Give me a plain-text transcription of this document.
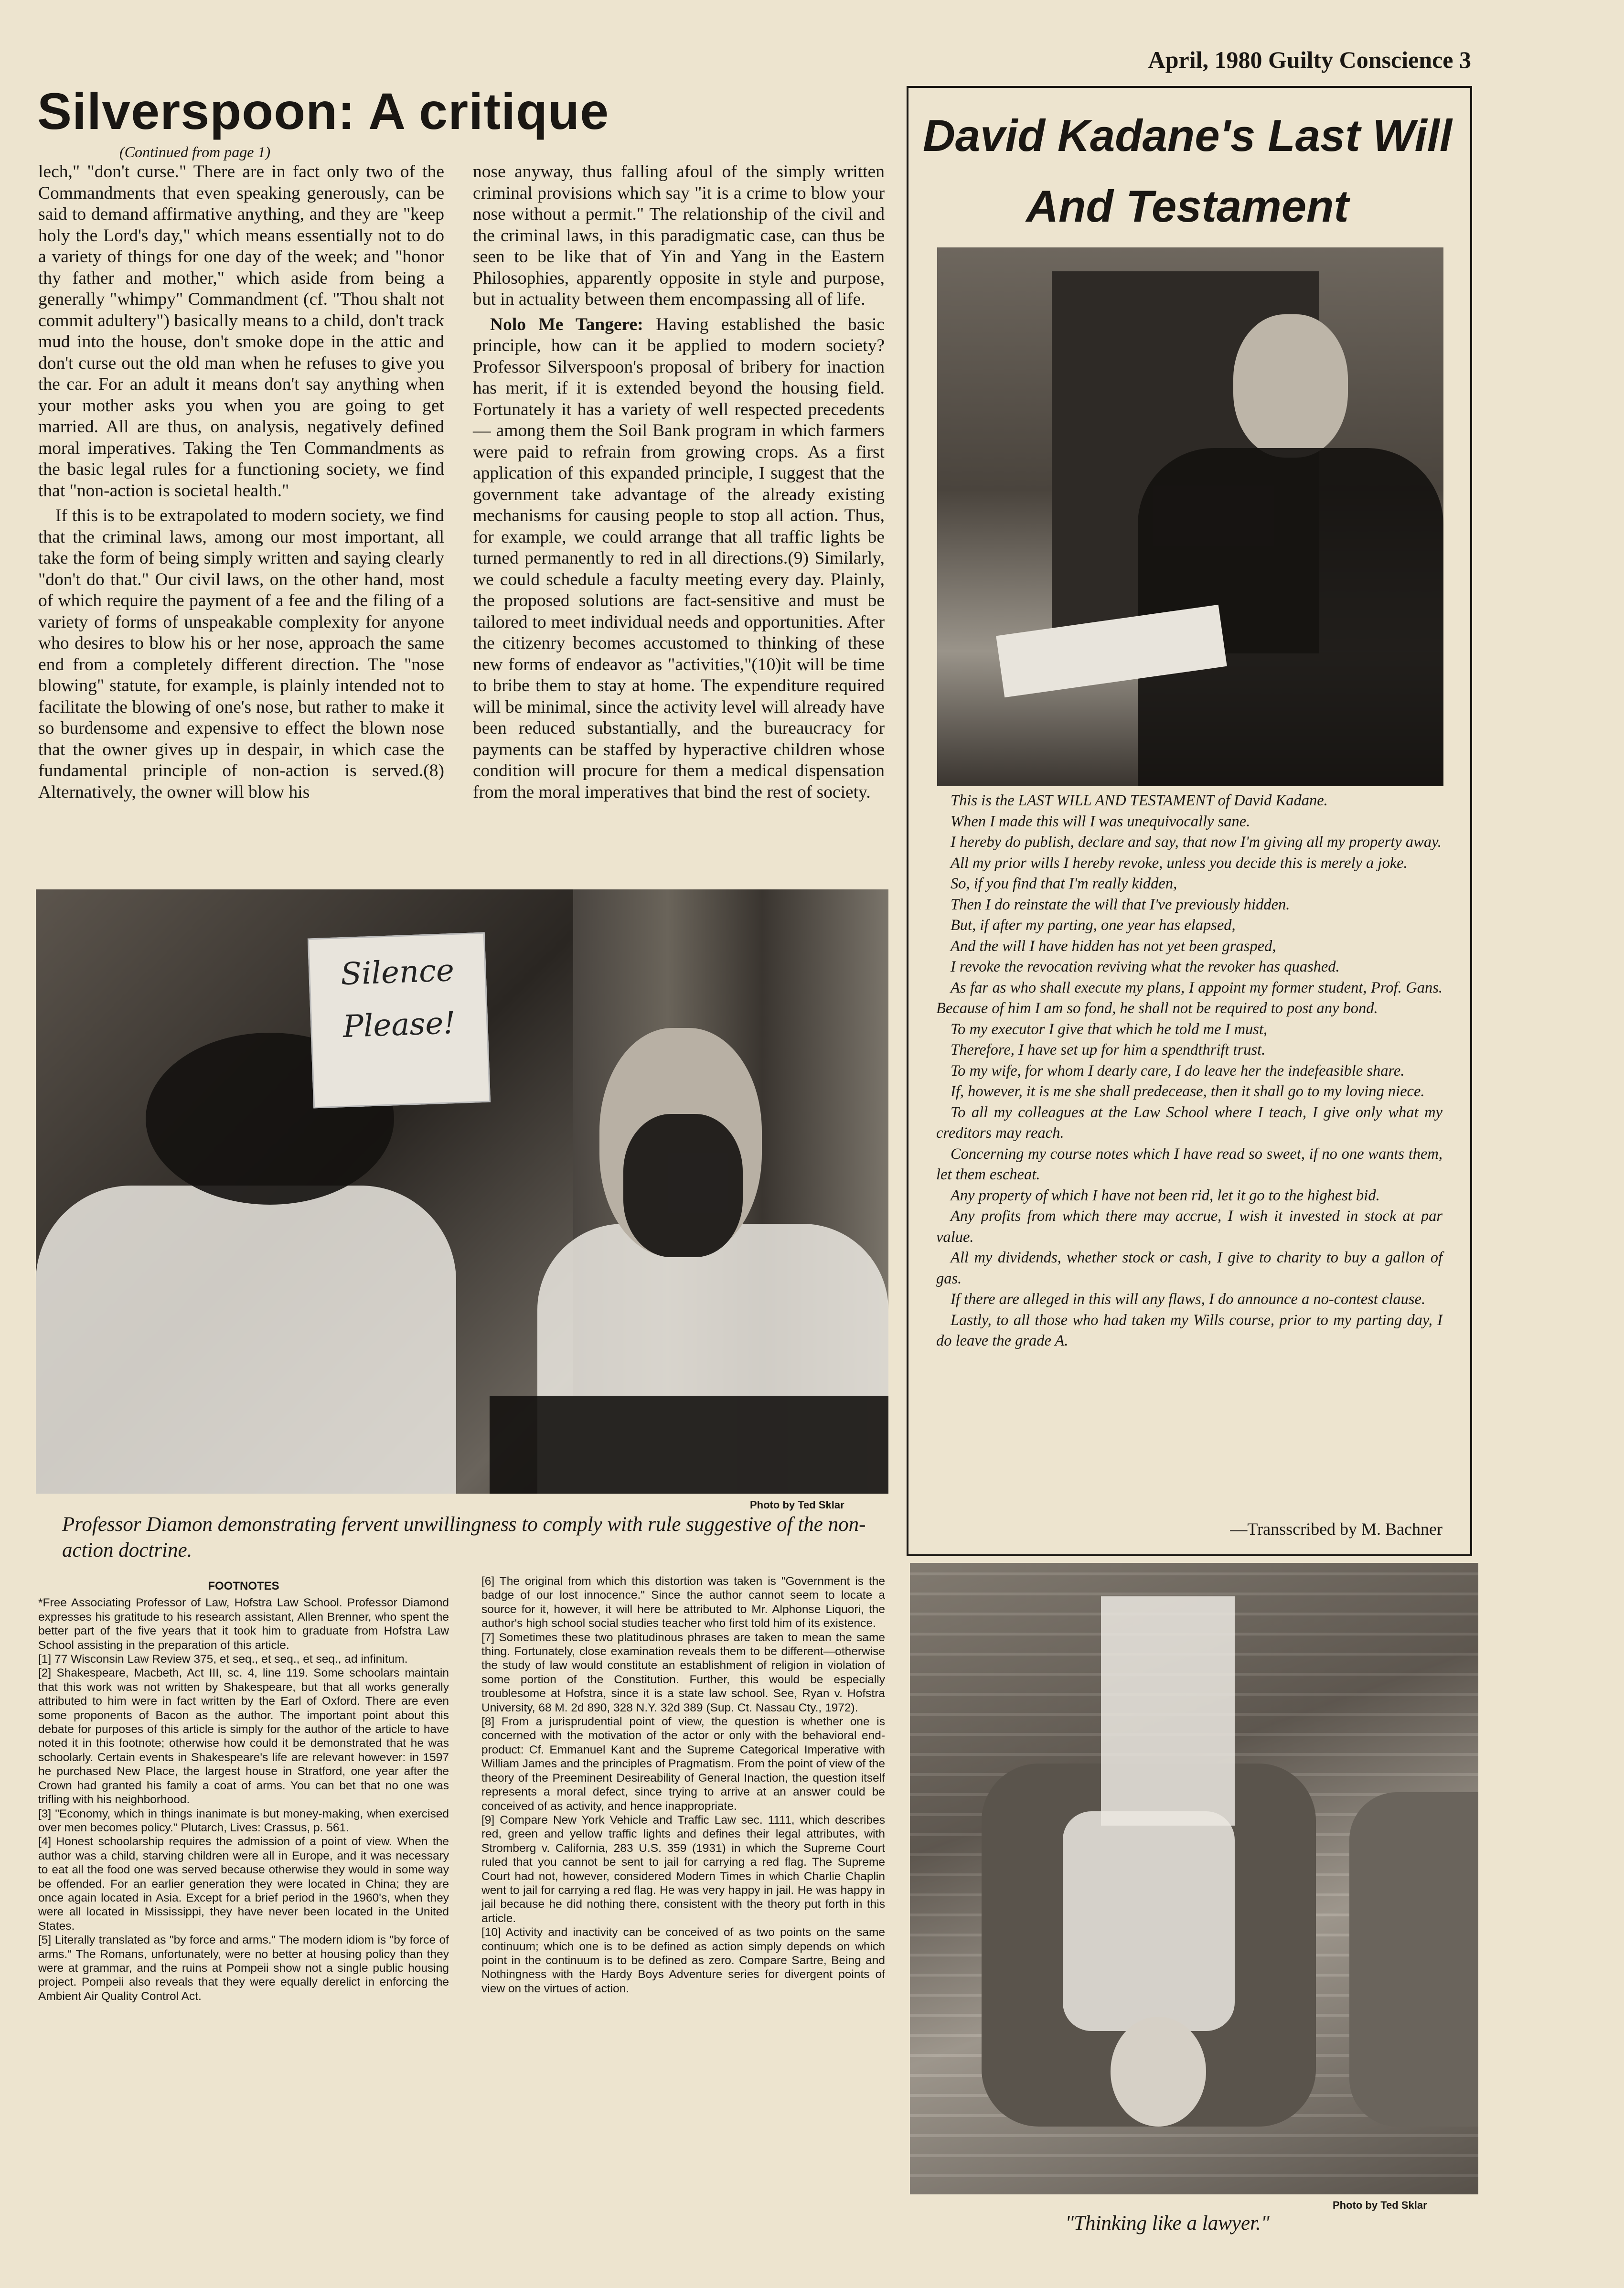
April, 1980 Guilty Conscience 3
Silverspoon: A critique
(Continued from page 1)

lech," "don't curse." There are in fact only two of the Commandments that even speaking generously, can be said to demand affirmative anything, and they are "keep holy the Lord's day," which means essentially not to do a variety of things for one day of the week; and "honor thy father and mother," which aside from being a generally "whimpy" Commandment (cf. "Thou shalt not commit adultery") basically means to a child, don't track mud into the house, don't smoke dope in the attic and don't curse out the old man when he refuses to give you the car. For an adult it means don't say anything when your mother asks you when you are going to get married. All are thus, on analysis, negatively defined moral imperatives. Taking the Ten Commandments as the basic legal rules for a functioning society, we find that "non-action is societal health."

If this is to be extrapolated to modern society, we find that the criminal laws, among our most important, all take the form of being simply written and saying clearly "don't do that." Our civil laws, on the other hand, most of which require the payment of a fee and the filing of a variety of forms of unspeakable complexity for anyone who desires to blow his or her nose, approach the same end from a completely different direction. The "nose blowing" statute, for example, is plainly intended not to facilitate the blowing of one's nose, but rather to make it so burdensome and expensive to effect the blown nose that the owner gives up in despair, in which case the fundamental principle of non-action is served.(8) Alternatively, the owner will blow his

nose anyway, thus falling afoul of the simply written criminal provisions which say "it is a crime to blow your nose without a permit." The relationship of the civil and the criminal laws, in this paradigmatic case, can thus be seen to be like that of Yin and Yang in the Eastern Philosophies, apparently opposite in style and purpose, but in actuality between them encompassing all of life.

Nolo Me Tangere: Having established the basic principle, how can it be applied to modern society? Professor Silverspoon's proposal of bribery for inaction has merit, if it is extended beyond the housing field. Fortunately it has a variety of well respected precedents — among them the Soil Bank program in which farmers were paid to refrain from growing crops. As a first application of this expanded principle, I suggest that the government take advantage of the already existing mechanisms for causing people to stop all action. Thus, for example, we could arrange that all traffic lights be turned permanently to red in all directions.(9) Similarly, we could schedule a faculty meeting every day. Plainly, the proposed solutions are fact-sensitive and must be tailored to meet individual needs and opportunities. After the citizenry becomes accustomed to thinking of these new forms of endeavor as "activities,"(10)it will be time to bribe them to stay at home. The expenditure required will be minimal, since the activity level will already have been reduced substantially, and the bureaucracy for payments can be staffed by hyperactive children whose condition will procure for them a medical dispensation from the moral imperatives that bind the rest of society.

Silence
Please!
Photo by Ted Sklar
Professor Diamon demonstrating fervent unwillingness to comply with rule suggestive of the non-action doctrine.
David Kadane's Last Will
And Testament

This is the LAST WILL AND TESTAMENT of David Kadane.

When I made this will I was unequivocally sane.

I hereby do publish, declare and say, that now I'm giving all my property away.

All my prior wills I hereby revoke, unless you decide this is merely a joke.

So, if you find that I'm really kidden,

Then I do reinstate the will that I've previously hidden.

But, if after my parting, one year has elapsed,

And the will I have hidden has not yet been grasped,

I revoke the revocation reviving what the revoker has quashed.

As far as who shall execute my plans, I appoint my former student, Prof. Gans. Because of him I am so fond, he shall not be required to post any bond.

To my executor I give that which he told me I must,

Therefore, I have set up for him a spendthrift trust.

To my wife, for whom I dearly care, I do leave her the indefeasible share.

If, however, it is me she shall predecease, then it shall go to my loving niece.

To all my colleagues at the Law School where I teach, I give only what my creditors may reach.

Concerning my course notes which I have read so sweet, if no one wants them, let them escheat.

Any property of which I have not been rid, let it go to the highest bid.

Any profits from which there may accrue, I wish it invested in stock at par value.

All my dividends, whether stock or cash, I give to charity to buy a gallon of gas.

If there are alleged in this will any flaws, I do announce a no-contest clause.

Lastly, to all those who had taken my Wills course, prior to my parting day, I do leave the grade A.

—Transscribed by M. Bachner
"Thinking like a lawyer."
Photo by Ted Sklar

FOOTNOTES

*Free Associating Professor of Law, Hofstra Law School. Professor Diamond expresses his gratitude to his research assistant, Allen Brenner, who spent the better part of the five years that it took him to graduate from Hofstra Law School assisting in the preparation of this article.

[1] 77 Wisconsin Law Review 375, et seq., et seq., et seq., ad infinitum.

[2] Shakespeare, Macbeth, Act III, sc. 4, line 119. Some schoolars maintain that this work was not written by Shakespeare, but that all works generally attributed to him were in fact written by the Earl of Oxford. There are even some proponents of Bacon as the author. The important point about this debate for purposes of this article is simply for the author of the article to have noted it in this footnote; otherwise how could it be demonstrated that he was schoolarly. Certain events in Shakespeare's life are relevant however: in 1597 he purchased New Place, the largest house in Stratford, one year after the Crown had granted his family a coat of arms. You can bet that no one was trifling with his neighborhood.

[3] "Economy, which in things inanimate is but money-making, when exercised over men becomes policy." Plutarch, Lives: Crassus, p. 561.

[4] Honest schoolarship requires the admission of a point of view. When the author was a child, starving children were all in Europe, and it was necessary to eat all the food one was served because otherwise they would in some way be offended. For an earlier generation they were located in China; they are once again located in Asia. Except for a brief period in the 1960's, when they were all located in Mississippi, they have never been located in the United States.

[5] Literally translated as "by force and arms." The modern idiom is "by force of arms." The Romans, unfortunately, were no better at housing policy than they were at grammar, and the ruins at Pompeii show not a single public housing project. Pompeii also reveals that they were equally derelict in enforcing the Ambient Air Quality Control Act.

[6] The original from which this distortion was taken is "Government is the badge of our lost innocence." Since the author cannot seem to locate a source for it, however, it will here be attributed to Mr. Alphonse Liquori, the author's high school social studies teacher who first told him of its existence.

[7] Sometimes these two platitudinous phrases are taken to mean the same thing. Fortunately, close examination reveals them to be different—otherwise the study of law would constitute an establishment of religion in violation of some portion of the Constitution. Further, this would be especially troublesome at Hofstra, since it is a state law school. See, Ryan v. Hofstra University, 68 M. 2d 890, 328 N.Y. 32d 389 (Sup. Ct. Nassau Cty., 1972).

[8] From a jurisprudential point of view, the question is whether one is concerned with the motivation of the actor or only with the behavioral end-product: Cf. Emmanuel Kant and the Supreme Categorical Imperative with William James and the principles of Pragmatism. From the point of view of the theory of the Preeminent Desireability of General Inaction, the question itself represents a moral defect, since trying to arrive at an answer could be conceived of as activity, and hence inappropriate.

[9] Compare New York Vehicle and Traffic Law sec. 1111, which describes red, green and yellow traffic lights and defines their legal attributes, with Stromberg v. California, 283 U.S. 359 (1931) in which the Supreme Court ruled that you cannot be sent to jail for carrying a red flag. The Supreme Court had not, however, considered Modern Times in which Charlie Chaplin went to jail for carrying a red flag. He was very happy in jail. He was happy in jail because he did nothing there, consistent with the theory put forth in this article.

[10] Activity and inactivity can be conceived of as two points on the same continuum; which one is to be defined as action simply depends on which point in the continuum is to be defined as zero. Compare Sartre, Being and Nothingness with the Hardy Boys Adventure series for divergent points of view on the virtues of action.
